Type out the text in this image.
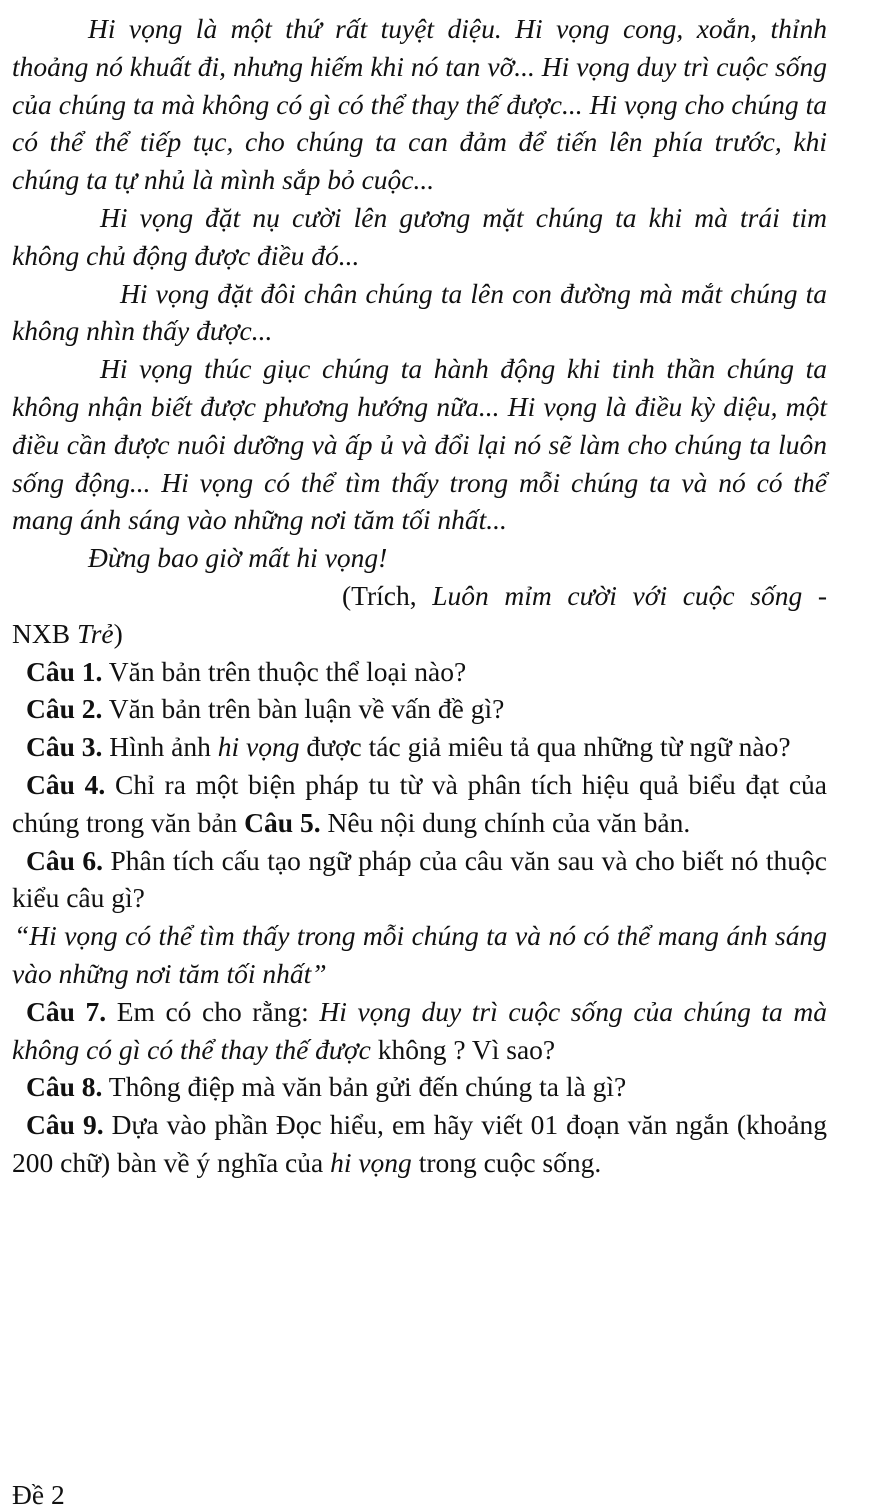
Hi vọng là một thứ rất tuyệt diệu. Hi vọng cong, xoắn, thỉnh thoảng nó khuất đi, nhưng hiếm khi nó tan vỡ... Hi vọng duy trì cuộc sống của chúng ta mà không có gì có thể thay thế được... Hi vọng cho chúng ta có thể thể tiếp tục, cho chúng ta can đảm để tiến lên phía trước, khi chúng ta tự nhủ là mình sắp bỏ cuộc...

Hi vọng đặt nụ cười lên gương mặt chúng ta khi mà trái tim không chủ động được điều đó...

Hi vọng đặt đôi chân chúng ta lên con đường mà mắt chúng ta không nhìn thấy được...

Hi vọng thúc giục chúng ta hành động khi tinh thần chúng ta không nhận biết được phương hướng nữa... Hi vọng là điều kỳ diệu, một điều cần được nuôi dưỡng và ấp ủ và đổi lại nó sẽ làm cho chúng ta luôn sống động... Hi vọng có thể tìm thấy trong mỗi chúng ta và nó có thể mang ánh sáng vào những nơi tăm tối nhất...

Đừng bao giờ mất hi vọng!

(Trích, Luôn mỉm cười với cuộc sống - NXB Trẻ)

Câu 1. Văn bản trên thuộc thể loại nào?

Câu 2. Văn bản trên bàn luận về vấn đề gì?

Câu 3. Hình ảnh hi vọng được tác giả miêu tả qua những từ ngữ nào?

Câu 4. Chỉ ra một biện pháp tu từ và phân tích hiệu quả biểu đạt của chúng trong văn bản Câu 5. Nêu nội dung chính của văn bản.

Câu 6. Phân tích cấu tạo ngữ pháp của câu văn sau và cho biết nó thuộc kiểu câu gì?

“Hi vọng có thể tìm thấy trong mỗi chúng ta và nó có thể mang ánh sáng vào những nơi tăm tối nhất”

Câu 7. Em có cho rằng: Hi vọng duy trì cuộc sống của chúng ta mà không có gì có thể thay thế được không ? Vì sao?

Câu 8. Thông điệp mà văn bản gửi đến chúng ta là gì?

Câu 9. Dựa vào phần Đọc hiểu, em hãy viết 01 đoạn văn ngắn (khoảng 200 chữ) bàn về ý nghĩa của hi vọng trong cuộc sống.

Đề 2
